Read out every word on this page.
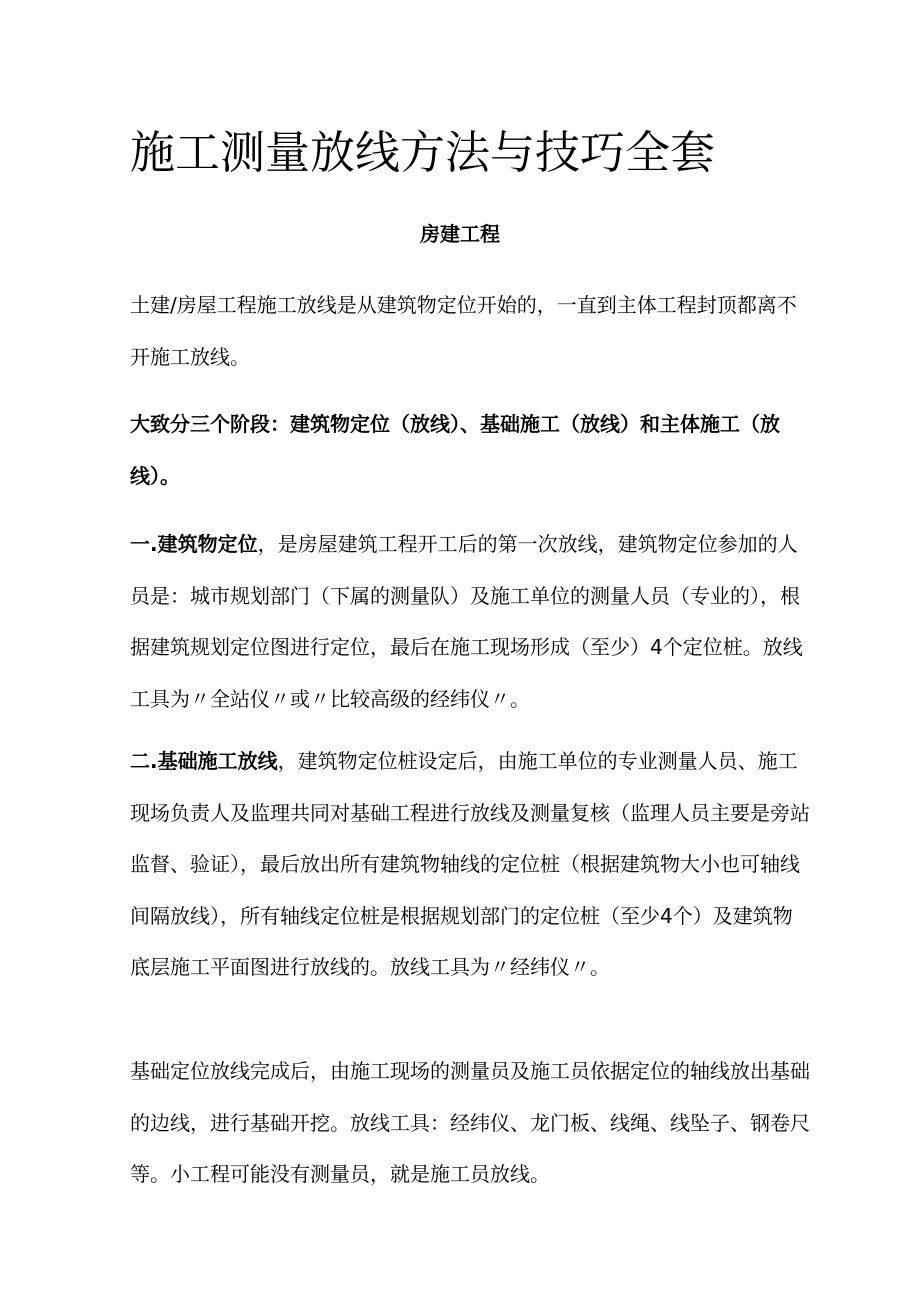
施工测量放线方法与技巧全套
房建工程

土建/房屋工程施工放线是从建筑物定位开始的，一直到主体工程封顶都离不开施工放线。

大致分三个阶段：建筑物定位（放线）、基础施工（放线）和主体施工（放线）。

一.建筑物定位，是房屋建筑工程开工后的第一次放线，建筑物定位参加的人员是：城市规划部门（下属的测量队）及施工单位的测量人员（专业的），根据建筑规划定位图进行定位，最后在施工现场形成（至少）4个定位桩。放线工具为〃全站仪〃或〃比较高级的经纬仪〃。

二.基础施工放线，建筑物定位桩设定后，由施工单位的专业测量人员、施工现场负责人及监理共同对基础工程进行放线及测量复核（监理人员主要是旁站监督、验证），最后放出所有建筑物轴线的定位桩（根据建筑物大小也可轴线间隔放线），所有轴线定位桩是根据规划部门的定位桩（至少4个）及建筑物底层施工平面图进行放线的。放线工具为〃经纬仪〃。

基础定位放线完成后，由施工现场的测量员及施工员依据定位的轴线放出基础的边线，进行基础开挖。放线工具：经纬仪、龙门板、线绳、线坠子、钢卷尺等。小工程可能没有测量员，就是施工员放线。
